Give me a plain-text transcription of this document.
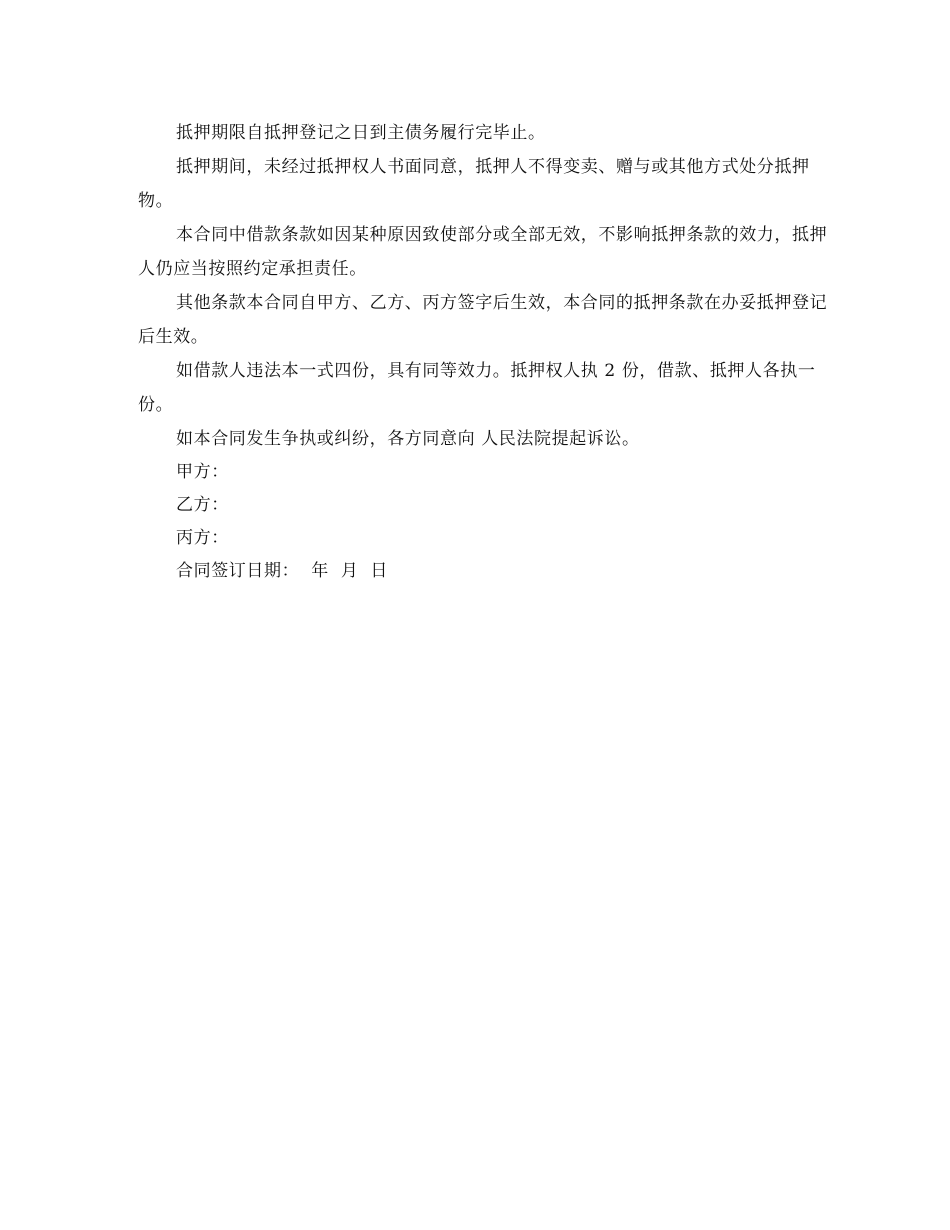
抵押期限自抵押登记之日到主债务履行完毕止。

抵押期间，未经过抵押权人书面同意，抵押人不得变卖、赠与或其他方式处分抵押物。

本合同中借款条款如因某种原因致使部分或全部无效，不影响抵押条款的效力，抵押人仍应当按照约定承担责任。

其他条款本合同自甲方、乙方、丙方签字后生效，本合同的抵押条款在办妥抵押登记后生效。

如借款人违法本一式四份，具有同等效力。抵押权人执 2 份，借款、抵押人各执一份。

如本合同发生争执或纠纷，各方同意向 人民法院提起诉讼。

甲方：

乙方：

丙方：

合同签订日期：  年  月  日
